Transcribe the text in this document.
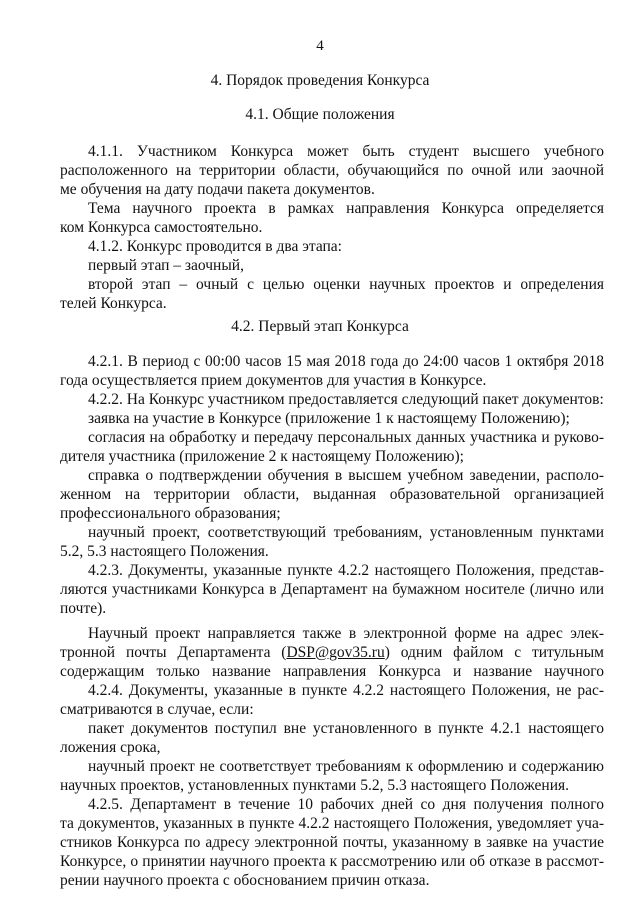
4
4. Порядок проведения Конкурса
4.1. Общие положения
4.1.1. Участником Конкурса может быть студент высшего учебного
расположенного на территории области, обучающийся по очной или заочной
ме обучения на дату подачи пакета документов.
Тема научного проекта в рамках направления Конкурса определяется
ком Конкурса самостоятельно.
4.1.2. Конкурс проводится в два этапа:
первый этап – заочный,
второй этап – очный с целью оценки научных проектов и определения
телей Конкурса.
4.2. Первый этап Конкурса
4.2.1. В период с 00:00 часов 15 мая 2018 года до 24:00 часов 1 октября 2018
года осуществляется прием документов для участия в Конкурсе.
4.2.2. На Конкурс участником предоставляется следующий пакет документов:
заявка на участие в Конкурсе (приложение 1 к настоящему Положению);
согласия на обработку и передачу персональных данных участника и руково-
дителя участника (приложение 2 к настоящему Положению);
справка о подтверждении обучения в высшем учебном заведении, располо-
женном на территории области, выданная образовательной организацией
профессионального образования;
научный проект, соответствующий требованиям, установленным пунктами
5.2, 5.3 настоящего Положения.
4.2.3. Документы, указанные пункте 4.2.2 настоящего Положения, представ-
ляются участниками Конкурса в Департамент на бумажном носителе (лично или
почте).
Научный проект направляется также в электронной форме на адрес элек-
тронной почты Департамента (DSP@gov35.ru) одним файлом с титульным
содержащим только название направления Конкурса и название научного
4.2.4. Документы, указанные в пункте 4.2.2 настоящего Положения, не рас-
сматриваются в случае, если:
пакет документов поступил вне установленного в пункте 4.2.1 настоящего
ложения срока,
научный проект не соответствует требованиям к оформлению и содержанию
научных проектов, установленных пунктами 5.2, 5.3 настоящего Положения.
4.2.5. Департамент в течение 10 рабочих дней со дня получения полного
та документов, указанных в пункте 4.2.2 настоящего Положения, уведомляет уча-
стников Конкурса по адресу электронной почты, указанному в заявке на участие
Конкурсе, о принятии научного проекта к рассмотрению или об отказе в рассмот-
рении научного проекта с обоснованием причин отказа.
